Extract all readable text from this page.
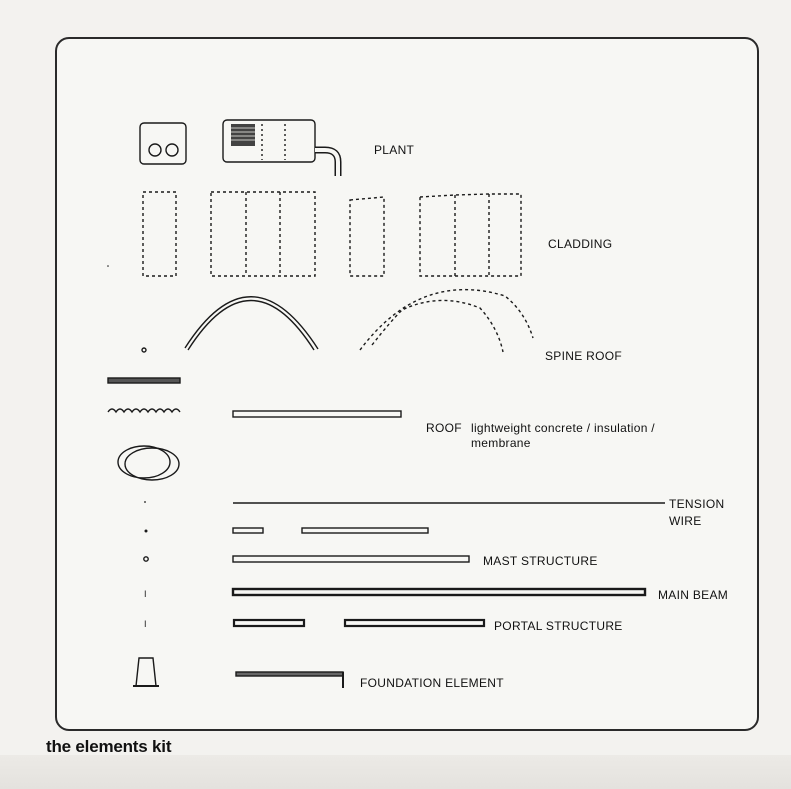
I
I
PLANT
CLADDING
SPINE ROOF
ROOF lightweight concrete / insulation /
membrane
TENSION
WIRE
MAST STRUCTURE
MAIN BEAM
PORTAL STRUCTURE
FOUNDATION ELEMENT
the elements kit
